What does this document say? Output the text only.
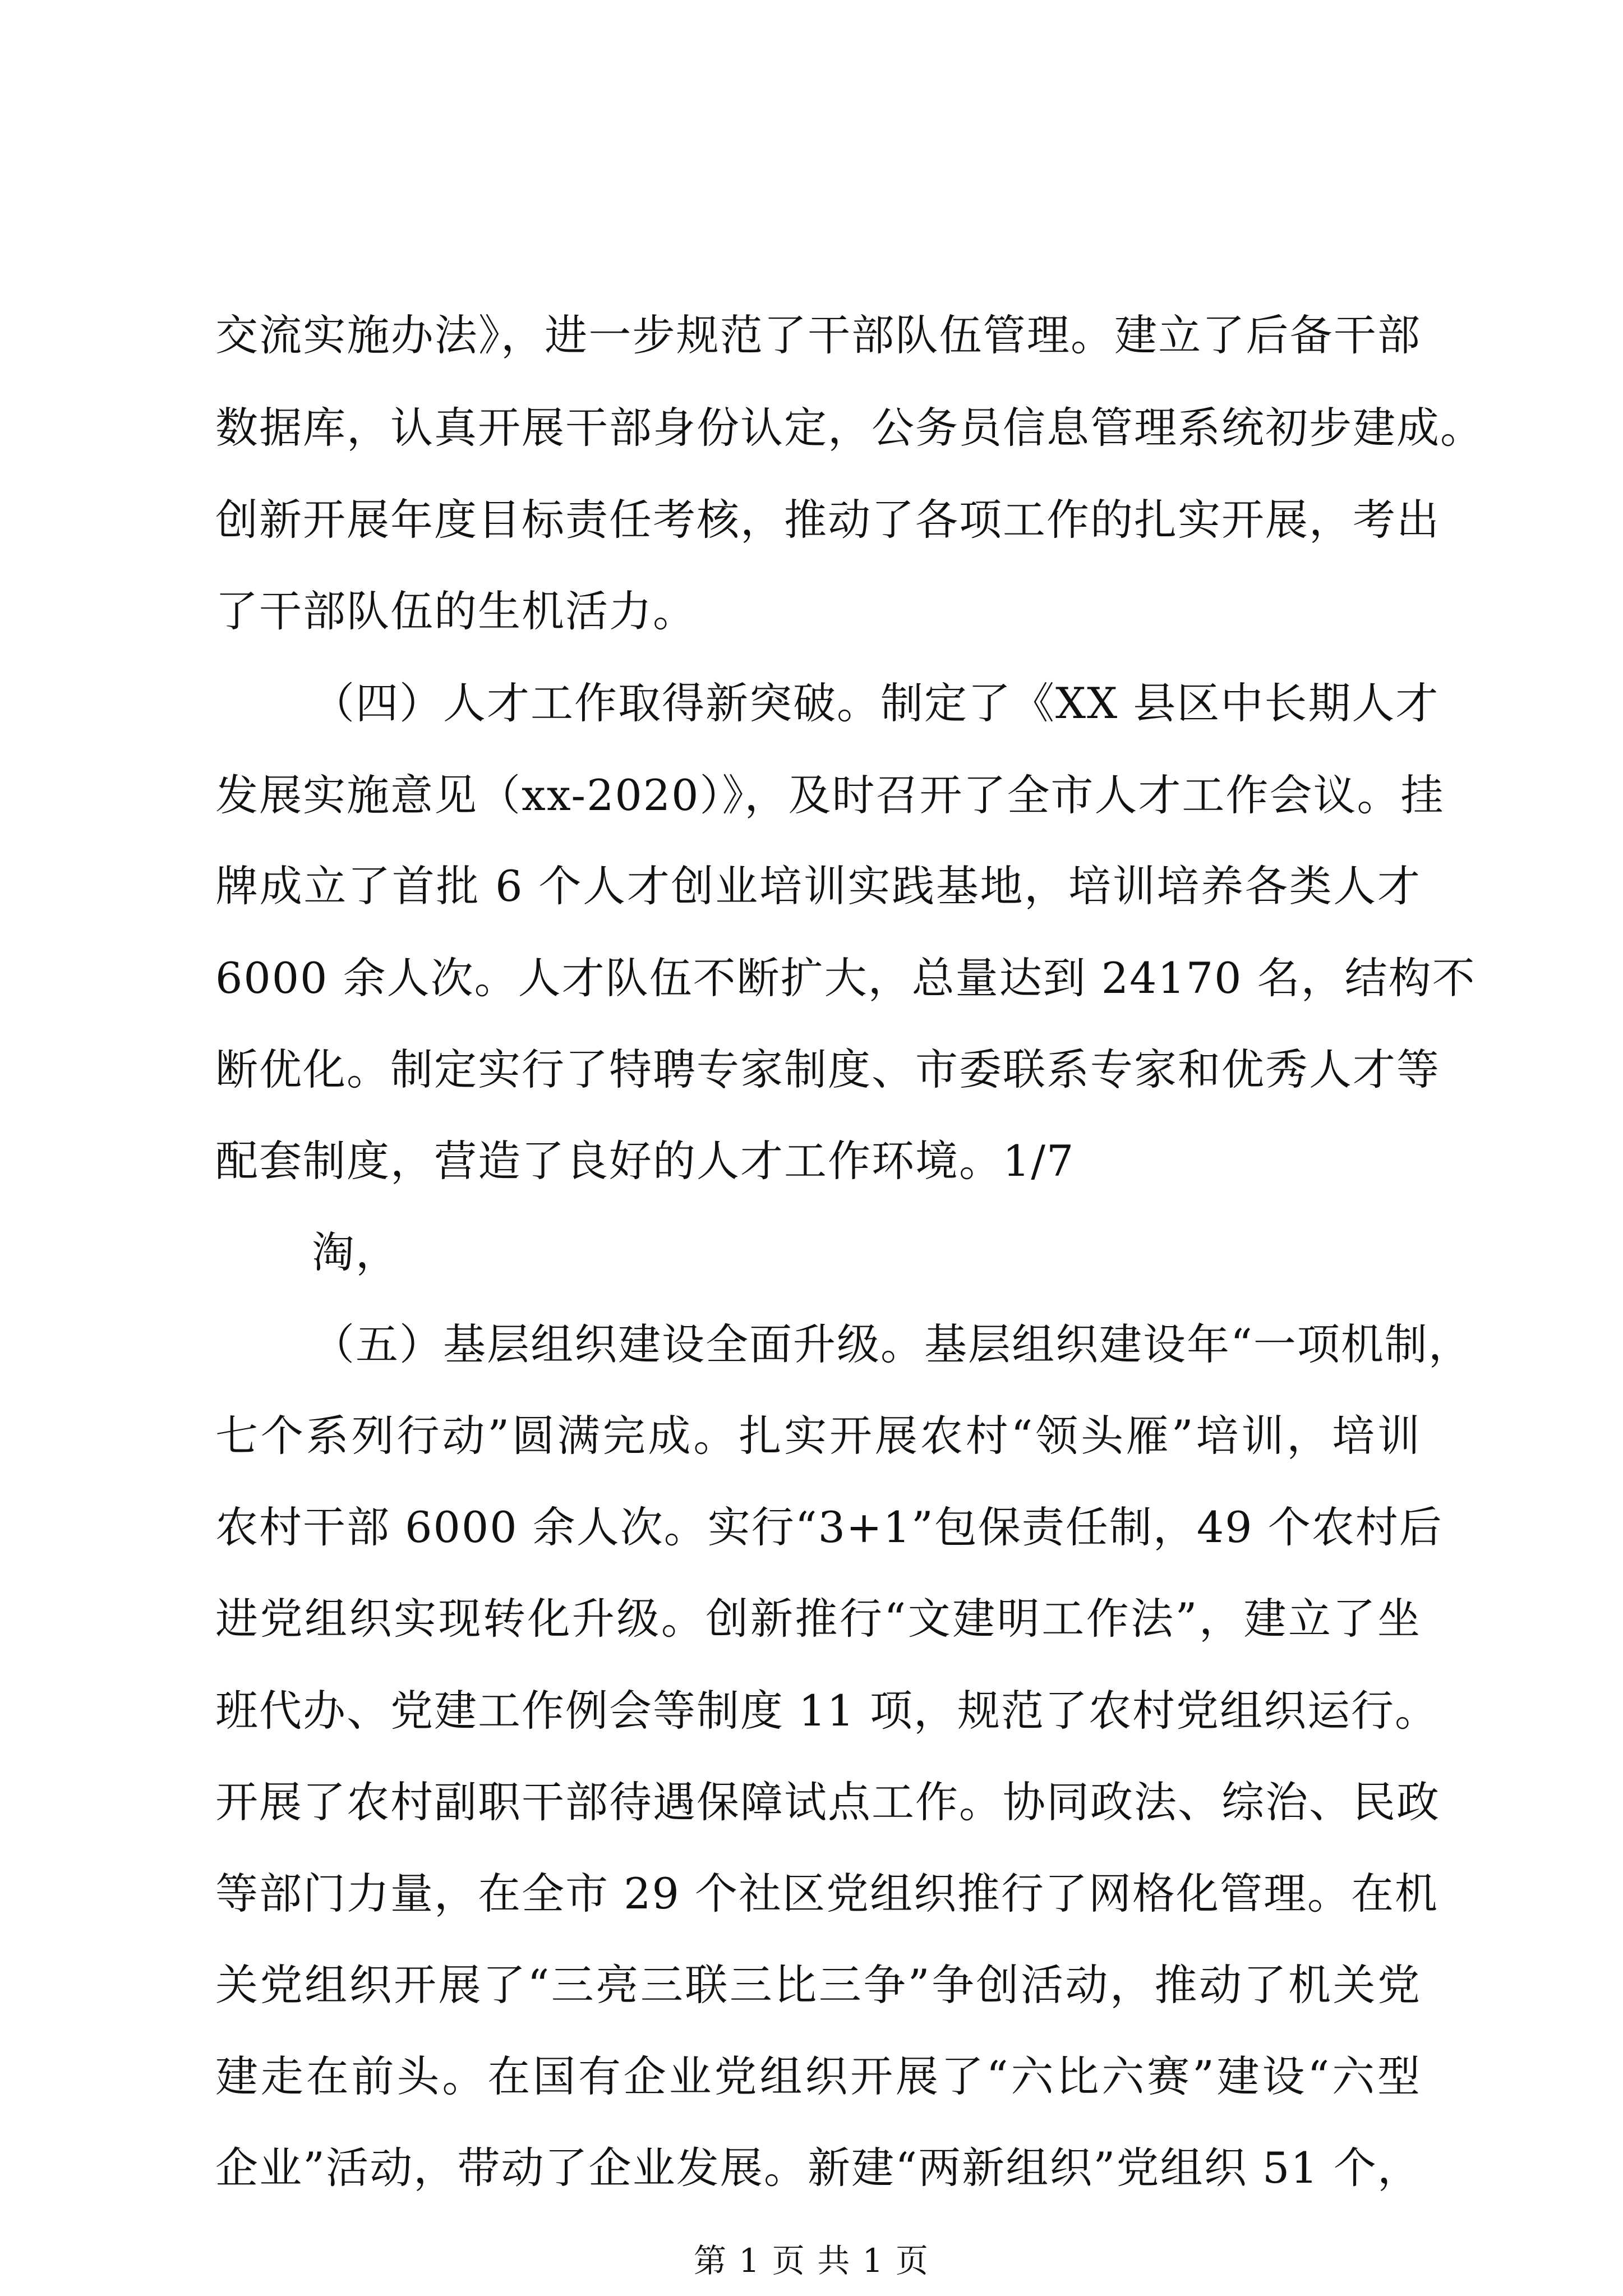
交流实施办法》，进一步规范了干部队伍管理。建立了后备干部
数据库，认真开展干部身份认定，公务员信息管理系统初步建成。
创新开展年度目标责任考核，推动了各项工作的扎实开展，考出
了干部队伍的生机活力。
（四）人才工作取得新突破。制定了《XX 县区中长期人才
发展实施意见（xx-2020）》，及时召开了全市人才工作会议。挂
牌成立了首批 6 个人才创业培训实践基地，培训培养各类人才
6000 余人次。人才队伍不断扩大，总量达到 24170 名，结构不
断优化。制定实行了特聘专家制度、市委联系专家和优秀人才等
配套制度，营造了良好的人才工作环境。1/7
淘，
（五）基层组织建设全面升级。基层组织建设年“一项机制，
七个系列行动”圆满完成。扎实开展农村“领头雁”培训，培训
农村干部 6000 余人次。实行“3+1”包保责任制，49 个农村后
进党组织实现转化升级。创新推行“文建明工作法”，建立了坐
班代办、党建工作例会等制度 11 项，规范了农村党组织运行。
开展了农村副职干部待遇保障试点工作。协同政法、综治、民政
等部门力量，在全市 29 个社区党组织推行了网格化管理。在机
关党组织开展了“三亮三联三比三争”争创活动，推动了机关党
建走在前头。在国有企业党组织开展了“六比六赛”建设“六型
企业”活动，带动了企业发展。新建“两新组织”党组织 51 个，
第 1 页 共 1 页
